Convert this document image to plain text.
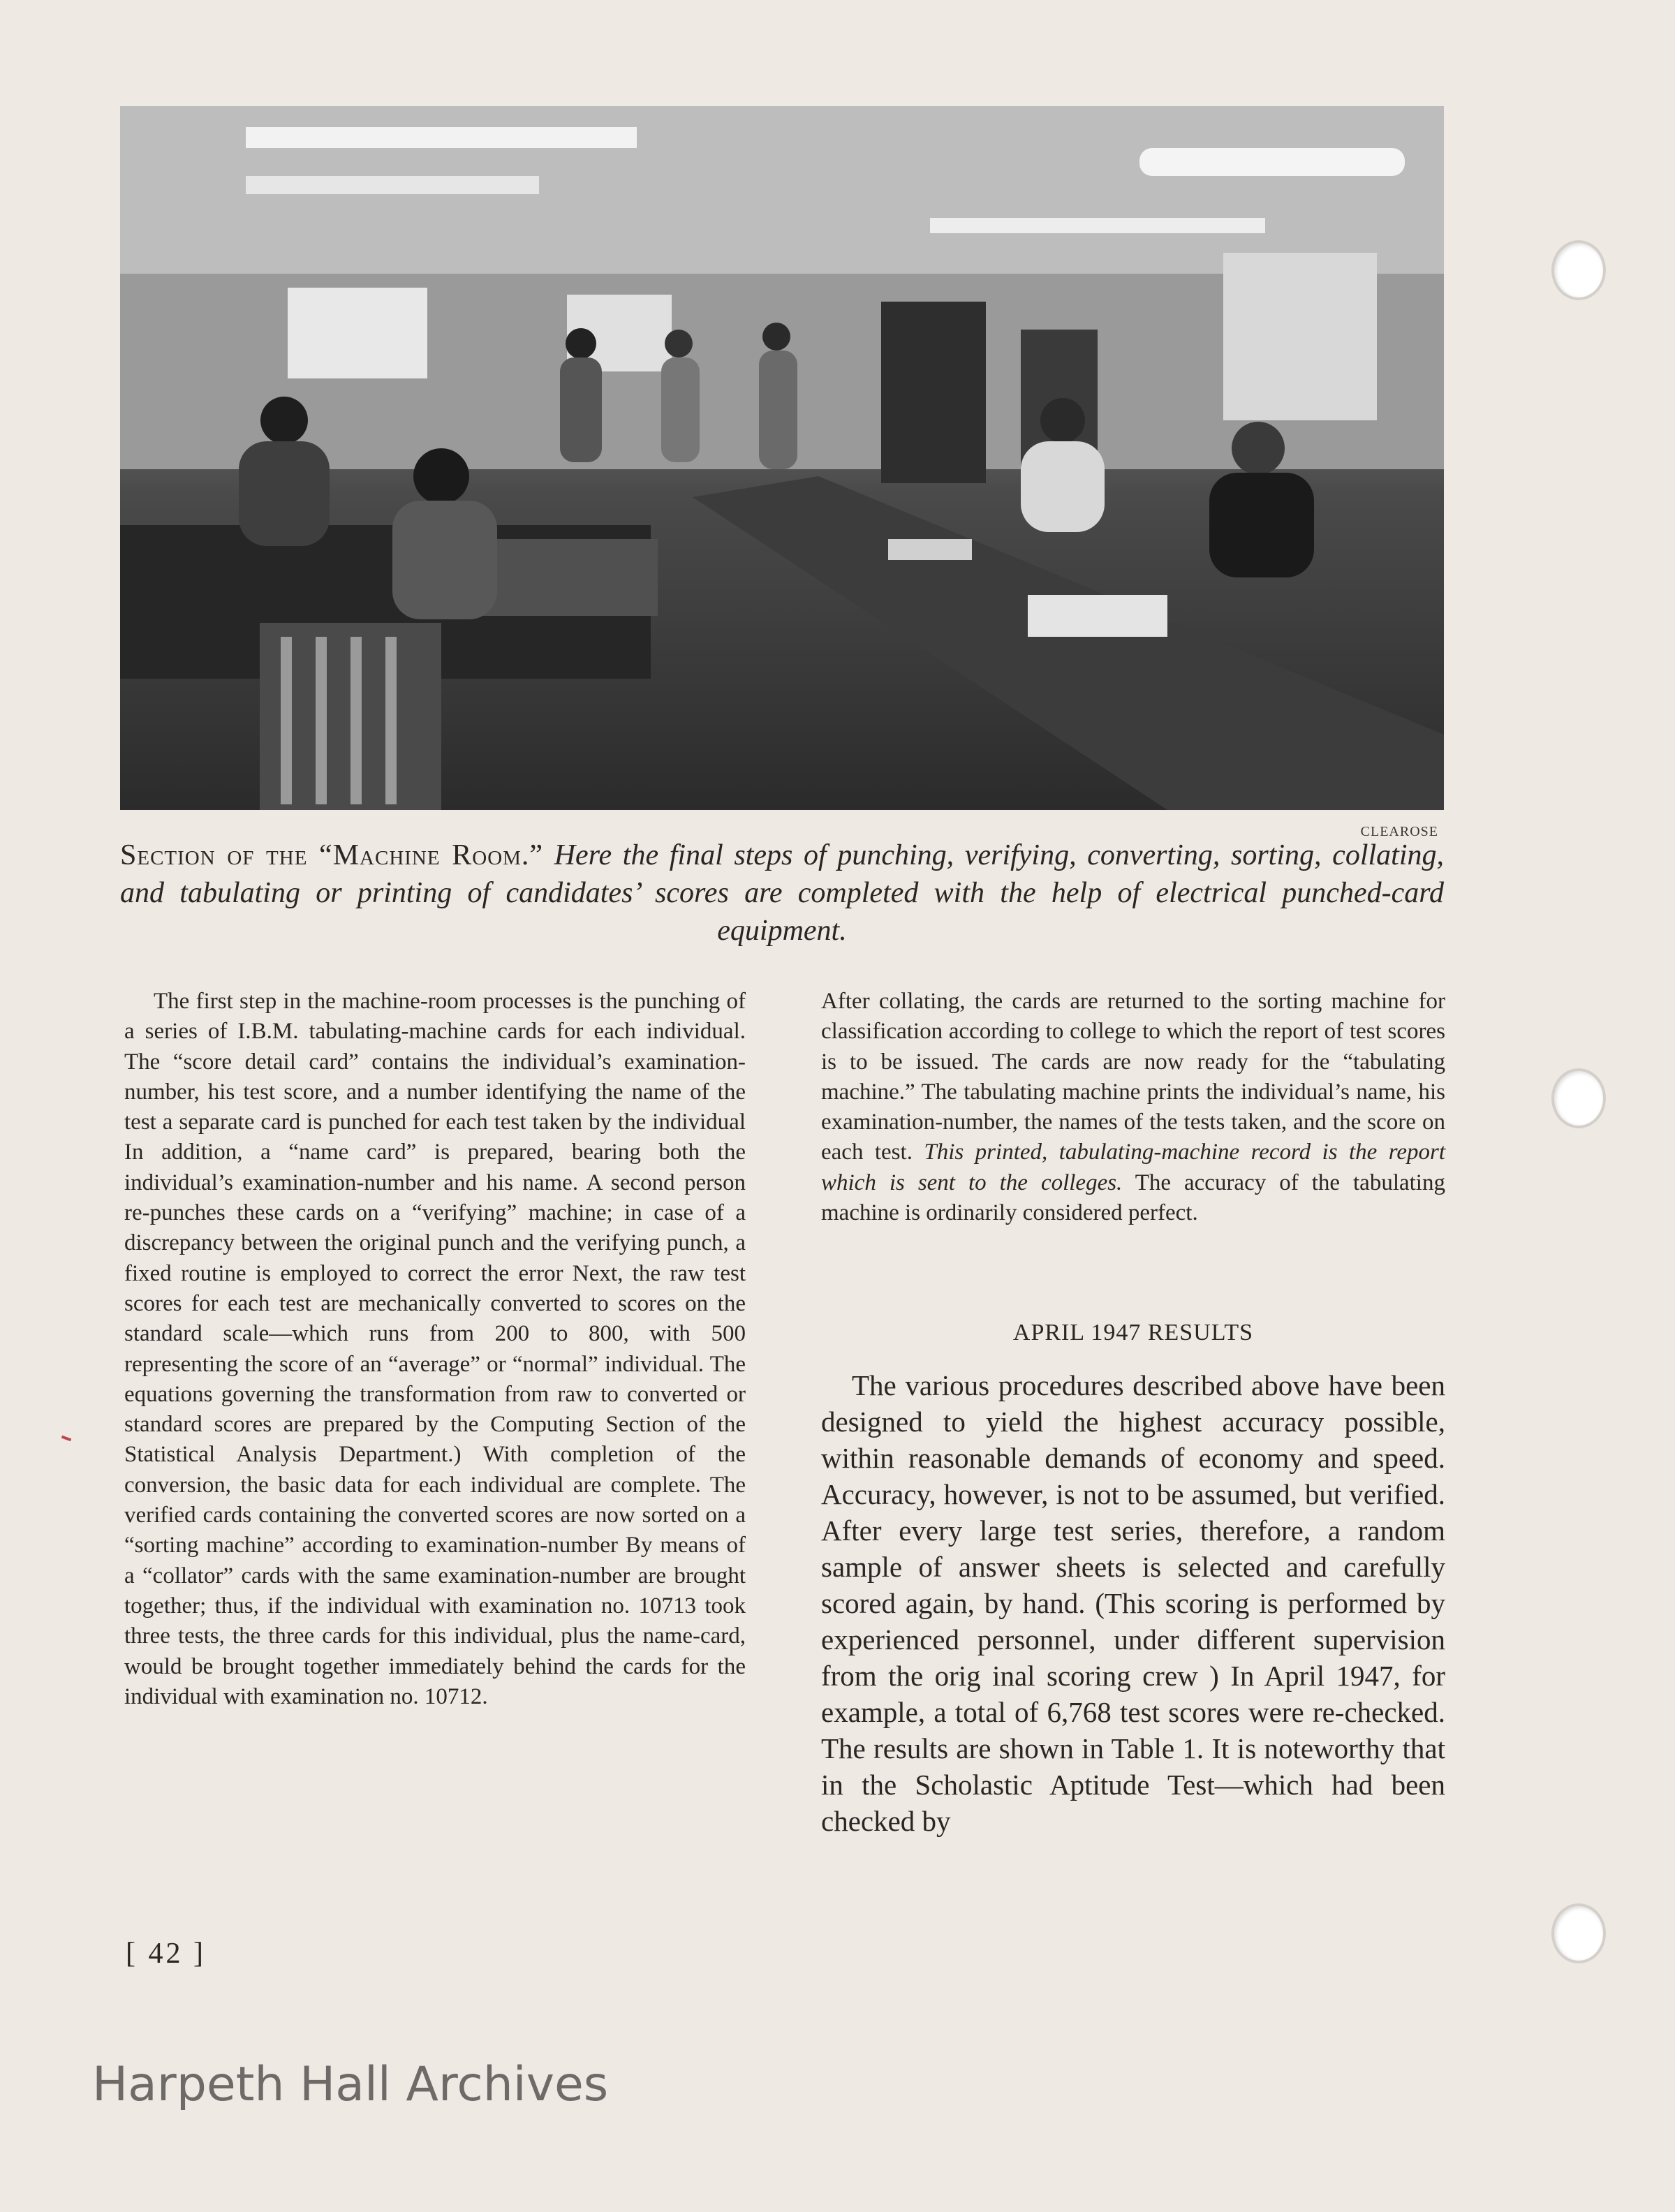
CLEAROSE
Section of the “Machine Room.” Here the final steps of punching, verifying, converting, sorting, collating, and tabulating or printing of candidates’ scores are completed with the help of electrical punched-card equipment.

The first step in the machine-room processes is the punching of a series of I.B.M. tabulating-machine cards for each individual. The “score detail card” contains the individual’s examination-number, his test score, and a number identifying the name of the test a separate card is punched for each test taken by the individual In addition, a “name card” is prepared, bearing both the individual’s examination-number and his name. A second person re-punches these cards on a “verifying” machine; in case of a discrepancy between the original punch and the verifying punch, a fixed routine is employed to correct the error Next, the raw test scores for each test are mechanically converted to scores on the standard scale—which runs from 200 to 800, with 500 representing the score of an “average” or “normal” individual. The equations governing the transformation from raw to converted or standard scores are prepared by the Computing Section of the Statistical Analysis Department.) With completion of the conversion, the basic data for each individual are complete. The verified cards containing the converted scores are now sorted on a “sorting machine” according to examination-number By means of a “collator” cards with the same examination-number are brought together; thus, if the individual with examination no. 10713 took three tests, the three cards for this individual, plus the name-card, would be brought together immediately behind the cards for the individual with examination no. 10712.

After collating, the cards are returned to the sorting machine for classification according to college to which the report of test scores is to be issued. The cards are now ready for the “tabulating machine.” The tabulating machine prints the individual’s name, his examination-number, the names of the tests taken, and the score on each test. This printed, tabulating-machine record is the report which is sent to the colleges. The accuracy of the tabulating machine is ordinarily considered perfect.

APRIL 1947 RESULTS

The various procedures described above have been designed to yield the highest accuracy possible, within reasonable demands of economy and speed. Accuracy, however, is not to be assumed, but verified. After every large test series, therefore, a random sample of answer sheets is selected and carefully scored again, by hand. (This scoring is performed by experienced personnel, under different supervision from the orig inal scoring crew ) In April 1947, for example, a total of 6,768 test scores were re-checked. The results are shown in Table 1. It is noteworthy that in the Scholastic Aptitude Test—which had been checked by

[ 42 ]
Harpeth Hall Archives
